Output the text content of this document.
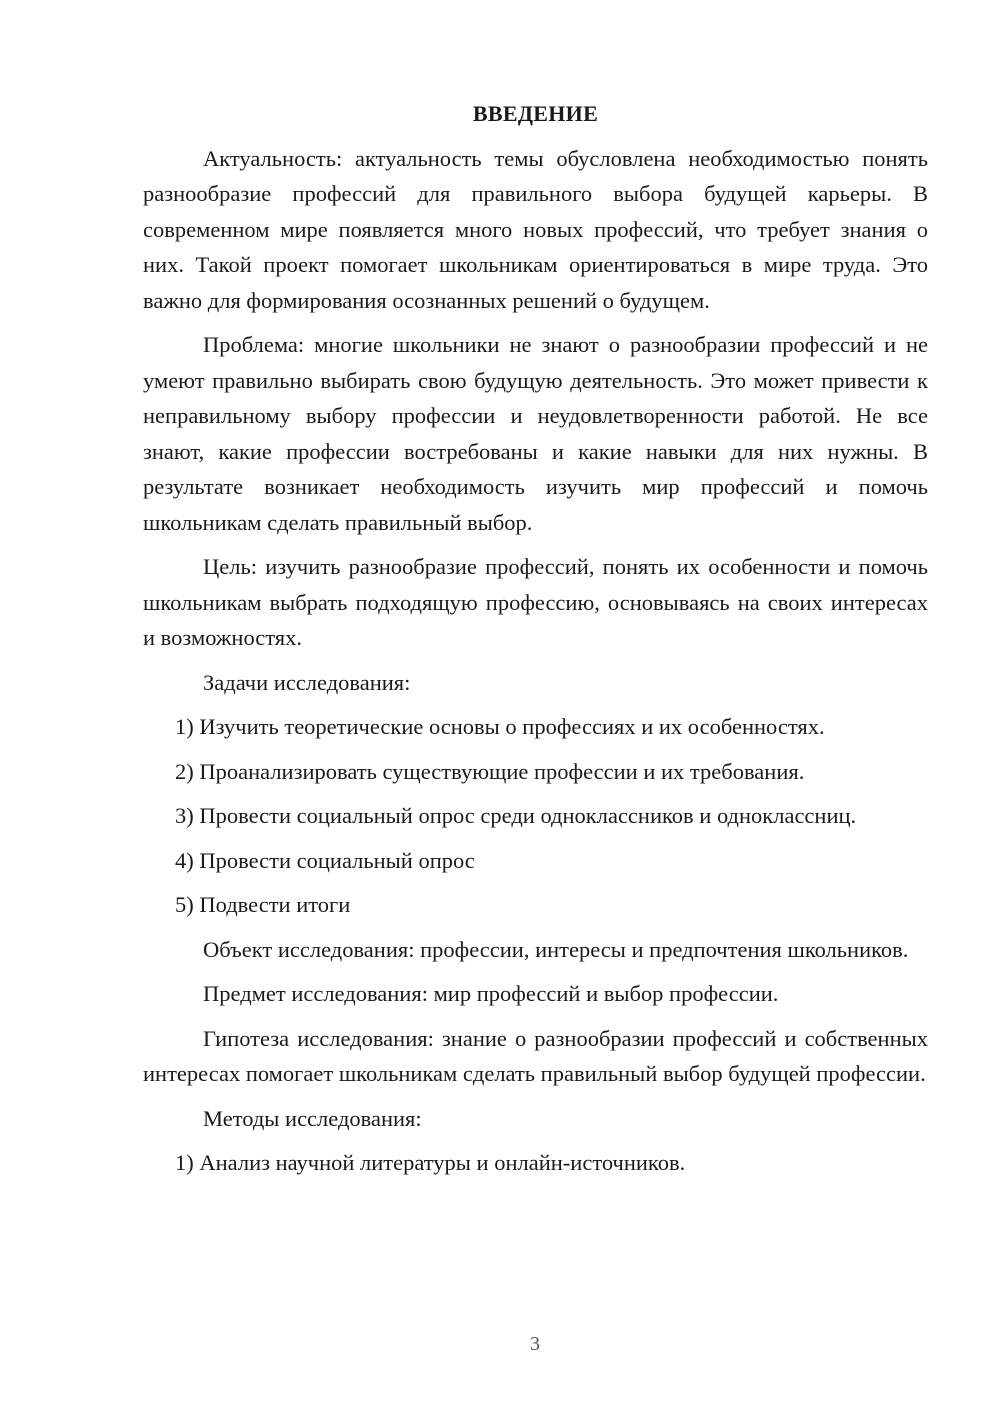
ВВЕДЕНИЕ

Актуальность: актуальность темы обусловлена необходимостью понять разнообразие профессий для правильного выбора будущей карьеры. В современном мире появляется много новых профессий, что требует знания о них. Такой проект помогает школьникам ориентироваться в мире труда. Это важно для формирования осознанных решений о будущем.

Проблема: многие школьники не знают о разнообразии профессий и не умеют правильно выбирать свою будущую деятельность. Это может привести к неправильному выбору профессии и неудовлетворенности работой. Не все знают, какие профессии востребованы и какие навыки для них нужны. В результате возникает необходимость изучить мир профессий и помочь школьникам сделать правильный выбор.

Цель: изучить разнообразие профессий, понять их особенности и помочь школьникам выбрать подходящую профессию, основываясь на своих интересах и возможностях.

Задачи исследования:

1) Изучить теоретические основы о профессиях и их особенностях.
2) Проанализировать существующие профессии и их требования.
3) Провести социальный опрос среди одноклассников и одноклассниц.
4) Провести социальный опрос
5) Подвести итоги

Объект исследования: профессии, интересы и предпочтения школьников.

Предмет исследования: мир профессий и выбор профессии.

Гипотеза исследования: знание о разнообразии профессий и собственных интересах помогает школьникам сделать правильный выбор будущей профессии.

Методы исследования:

1) Анализ научной литературы и онлайн-источников.
3
